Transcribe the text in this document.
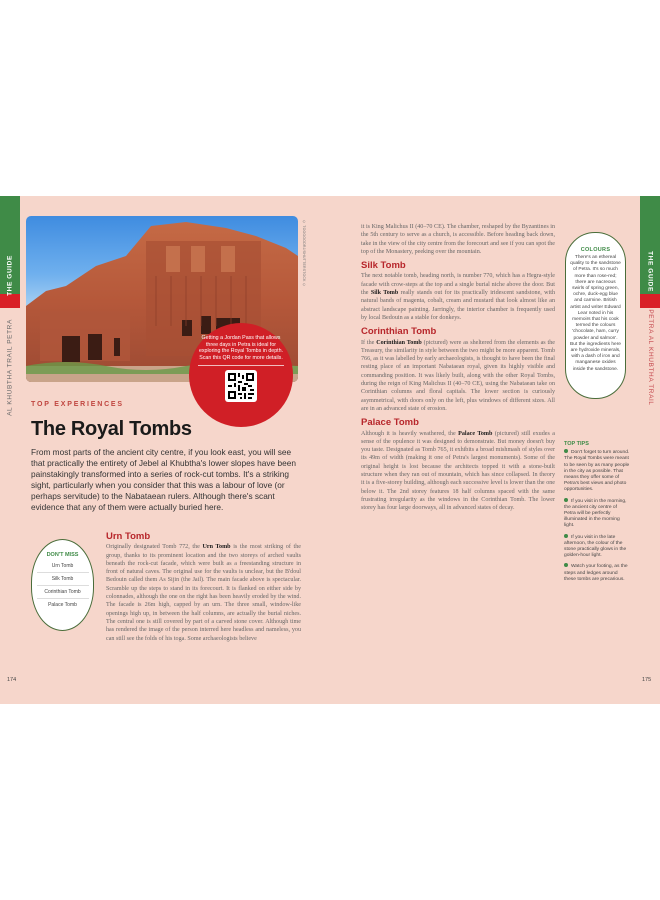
THE GUIDE
AL KHUBTHA TRAIL PETRA
© TOOGOODRJ/SHUTTERSTOCK ©
Getting a Jordan Pass that allows three days in Petra is ideal for exploring the Royal Tombs in depth. Scan this QR code for more details.
TOP EXPERIENCES
The Royal Tombs

From most parts of the ancient city centre, if you look east, you will see that practically the entirety of Jebel al Khubtha's lower slopes have been painstakingly transformed into a series of rock-cut tombs. It's a striking sight, particularly when you consider that this was a labour of love (or perhaps servitude) to the Nabataean rulers. Although there's scant evidence that any of them were actually buried here.

DON'T MISS
Urn Tomb
Silk Tomb
Corinthian Tomb
Palace Tomb
Urn Tomb

Originally designated Tomb 772, the Urn Tomb is the most striking of the group, thanks to its prominent location and the two storeys of arched vaults beneath the rock-cut facade, which were built as a freestanding structure in front of natural caves. The original use for the vaults is unclear, but the B'doul Bedouin called them As Sijin (the Jail). The main facade above is spectacular. Scramble up the steps to stand in its forecourt. It is flanked on either side by colonnades, although the one on the right has been heavily eroded by the wind. The facade is 26m high, capped by an urn. The three small, window-like openings high up, in between the half columns, are actually the burial niches. The central one is still covered by part of a carved stone cover. Although time has rendered the image of the person interred here headless and nameless, you can still see the folds of his toga. Some archaeologists believe

174
THE GUIDE
PETRA AL KHUBTHA TRAIL

it is King Malichus II (40–70 CE). The chamber, reshaped by the Byzantines in the 5th century to serve as a church, is accessible. Before heading back down, take in the view of the city centre from the forecourt and see if you can spot the top of the Monastery, peeking over the mountain.

Silk Tomb

The next notable tomb, heading north, is number 770, which has a Hegra-style facade with crow-steps at the top and a single burial niche above the door. But the Silk Tomb really stands out for its practically iridescent sandstone, with natural bands of magenta, cobalt, cream and mustard that look almost like an abstract landscape painting. Jarringly, the interior chamber is frequently used by local Bedouin as a stable for donkeys.

Corinthian Tomb

If the Corinthian Tomb (pictured) were as sheltered from the elements as the Treasury, the similarity in style between the two might be more apparent. Tomb 766, as it was labelled by early archaeologists, is thought to have been the final resting place of an important Nabataean royal, given its highly visible and commanding position. It was likely built, along with the other Royal Tombs, during the reign of King Malichus II (40–70 CE), using the Nabataean take on Corinthian columns and floral capitals. The lower section is curiously asymmetrical, with doors only on the left, plus windows of different sizes. All are in an advanced state of erosion.

Palace Tomb

Although it is heavily weathered, the Palace Tomb (pictured) still exudes a sense of the opulence it was designed to demonstrate. But money doesn't buy you taste. Designated as Tomb 765, it exhibits a broad mishmash of styles over its 49m of width (making it one of Petra's largest monuments). Some of the original height is lost because the architects topped it with a stone-built structure when they ran out of mountain, which has since collapsed. In theory it is a five-storey building, although each successive level is lower than the one below it. The 2nd storey features 18 half columns spaced with the same frustrating irregularity as the windows in the Corinthian Tomb. The lower storey has four large doorways, all in advanced states of decay.

COLOURS
There's an ethereal quality to the sandstone of Petra. It's so much more than rose-red; there are nacreous swirls of spring green, ochre, duck-egg blue and carmine. British artist and writer Edward Lear noted in his memoirs that his cook termed the colours 'chocolate, ham, curry powder and salmon'. But the ingredients here are hydroxide minerals, with a dash of iron and manganese oxides inside the sandstone.
TOP TIPS
Don't forget to turn around. The Royal Tombs were meant to be seen by as many people in the city as possible. That means they offer some of Petra's best views and photo opportunities.
If you visit in the morning, the ancient city centre of Petra will be perfectly illuminated in the morning light.
If you visit in the late afternoon, the colour of the stone practically glows in the golden-hour light.
Watch your footing, as the steps and ledges around these tombs are precarious.
175
